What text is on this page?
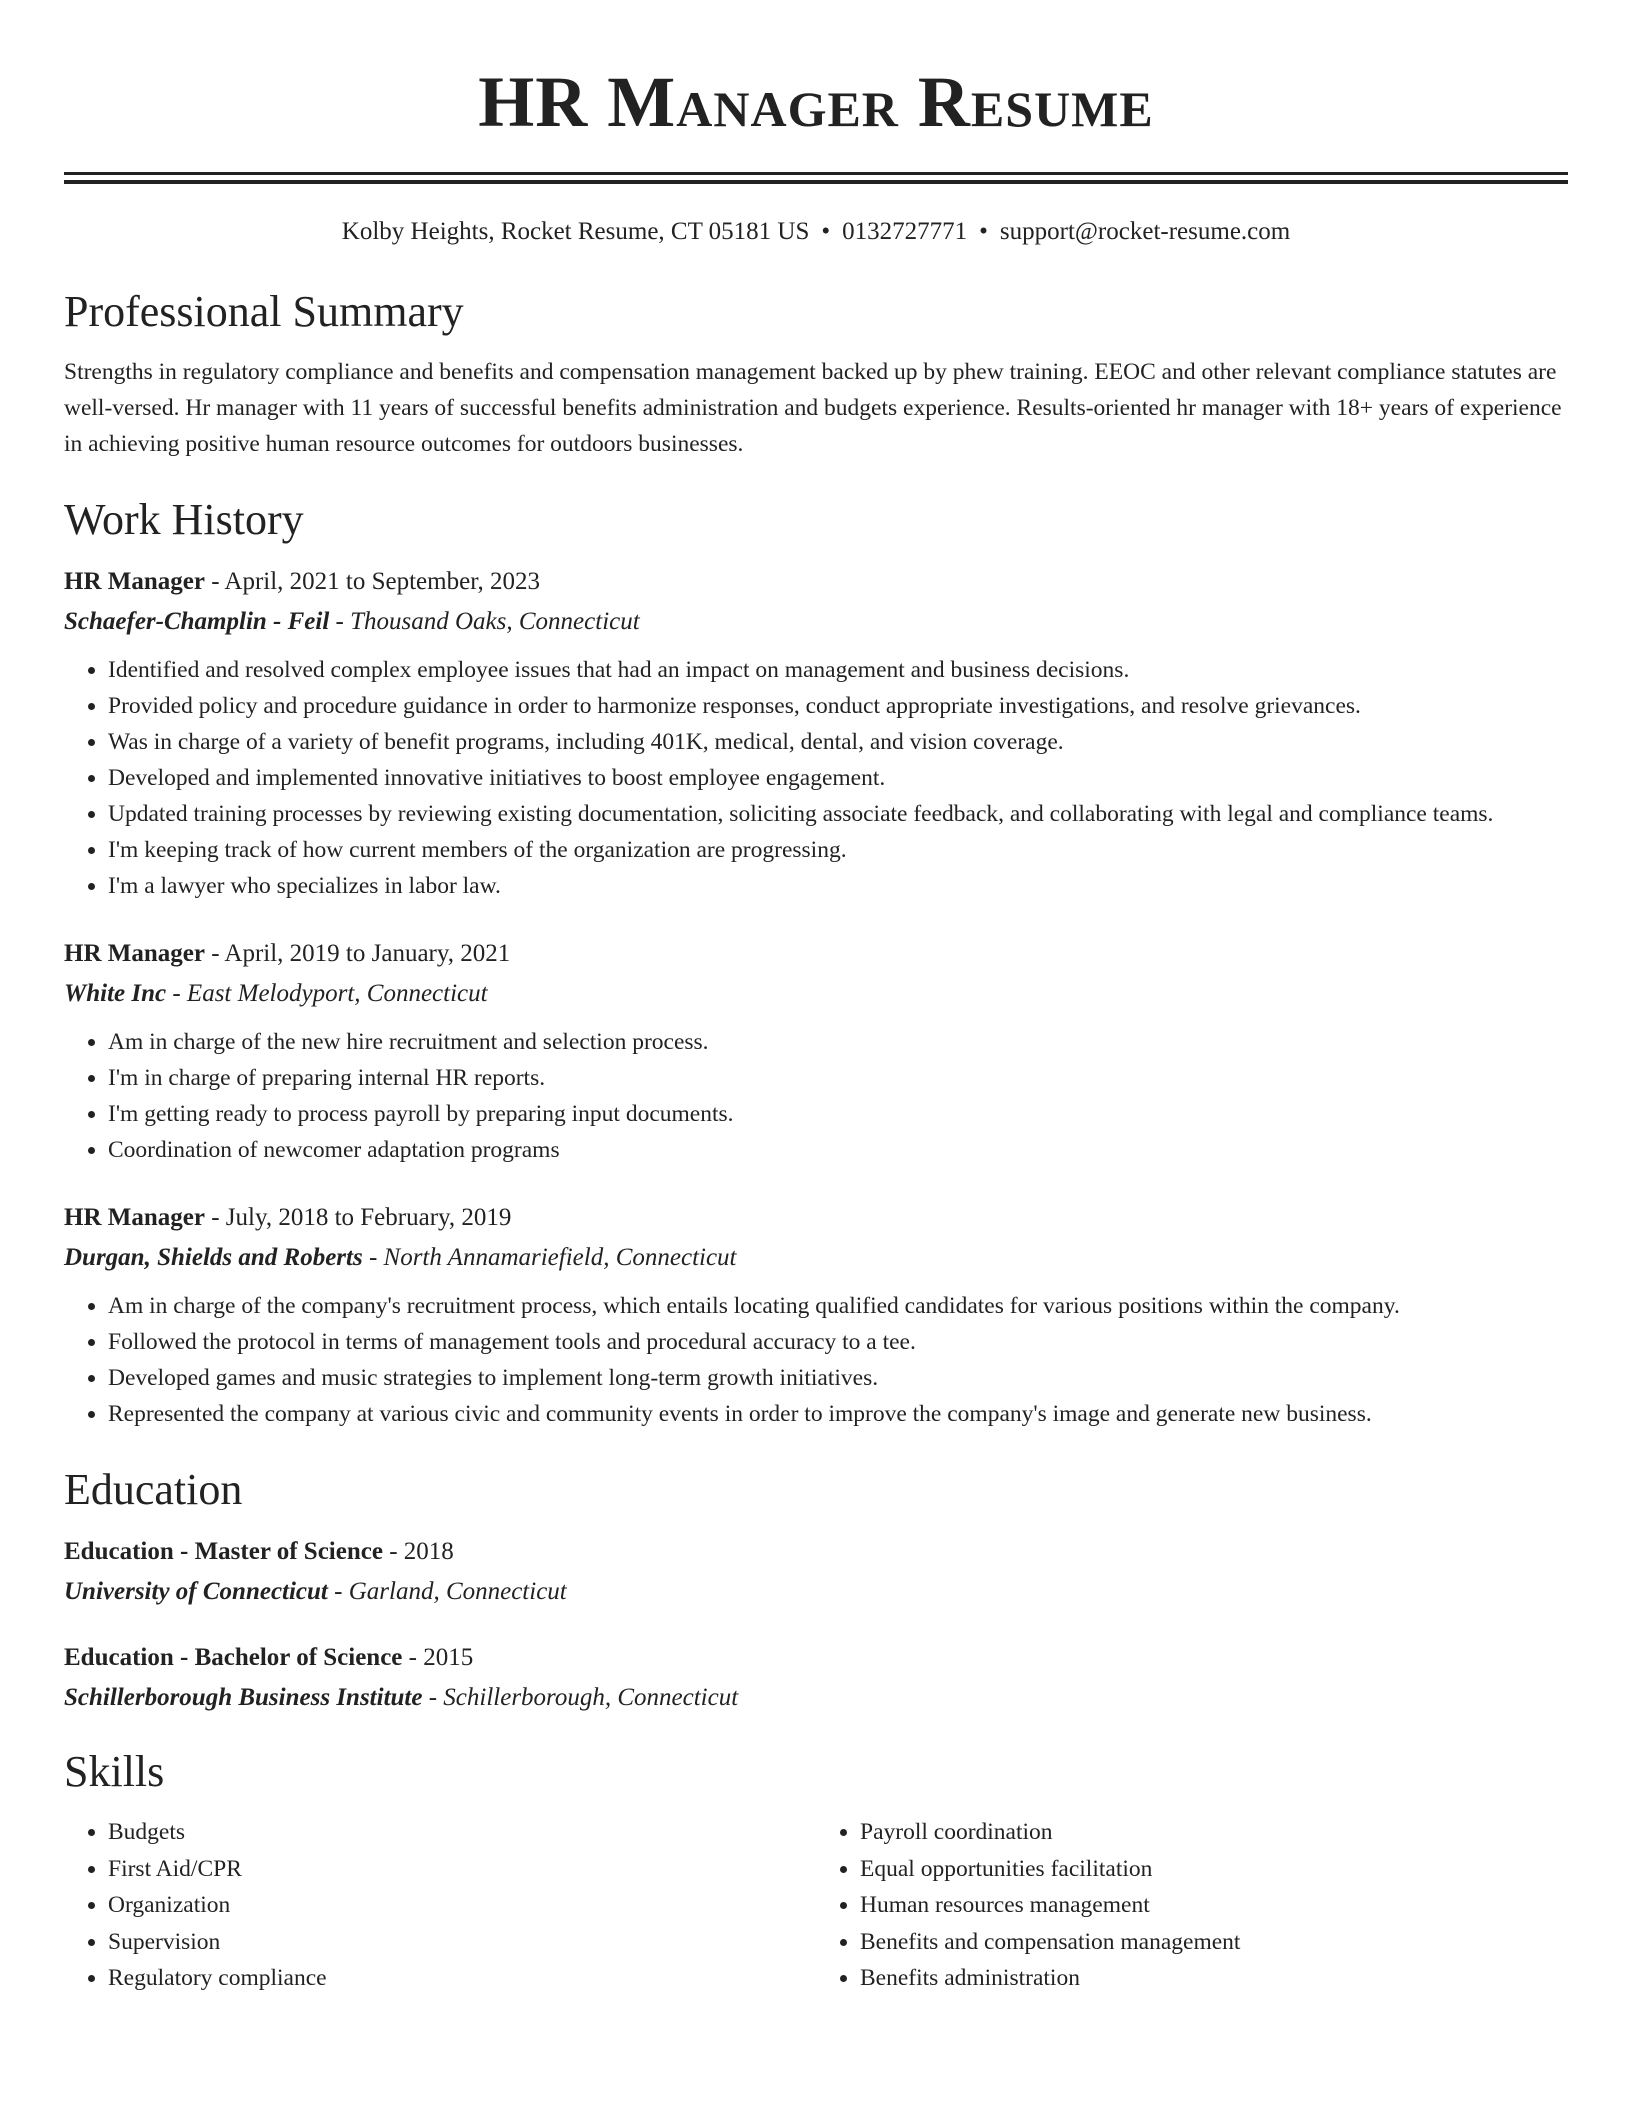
HR Manager Resume
Kolby Heights, Rocket Resume, CT 05181 US • 0132727771 • support@rocket-resume.com
Professional Summary

Strengths in regulatory compliance and benefits and compensation management backed up by phew training. EEOC and other relevant compliance statutes are well-versed. Hr manager with 11 years of successful benefits administration and budgets experience. Results-oriented hr manager with 18+ years of experience in achieving positive human resource outcomes for outdoors businesses.

Work History
HR Manager - April, 2021 to September, 2023
Schaefer-Champlin - Feil - Thousand Oaks, Connecticut
• Identified and resolved complex employee issues that had an impact on management and business decisions.
• Provided policy and procedure guidance in order to harmonize responses, conduct appropriate investigations, and resolve grievances.
• Was in charge of a variety of benefit programs, including 401K, medical, dental, and vision coverage.
• Developed and implemented innovative initiatives to boost employee engagement.
• Updated training processes by reviewing existing documentation, soliciting associate feedback, and collaborating with legal and compliance teams.
• I'm keeping track of how current members of the organization are progressing.
• I'm a lawyer who specializes in labor law.
HR Manager - April, 2019 to January, 2021
White Inc - East Melodyport, Connecticut
• Am in charge of the new hire recruitment and selection process.
• I'm in charge of preparing internal HR reports.
• I'm getting ready to process payroll by preparing input documents.
• Coordination of newcomer adaptation programs
HR Manager - July, 2018 to February, 2019
Durgan, Shields and Roberts - North Annamariefield, Connecticut
• Am in charge of the company's recruitment process, which entails locating qualified candidates for various positions within the company.
• Followed the protocol in terms of management tools and procedural accuracy to a tee.
• Developed games and music strategies to implement long-term growth initiatives.
• Represented the company at various civic and community events in order to improve the company's image and generate new business.
Education
Education - Master of Science - 2018
University of Connecticut - Garland, Connecticut
Education - Bachelor of Science - 2015
Schillerborough Business Institute - Schillerborough, Connecticut
Skills
• Budgets
• First Aid/CPR
• Organization
• Supervision
• Regulatory compliance
• Payroll coordination
• Equal opportunities facilitation
• Human resources management
• Benefits and compensation management
• Benefits administration
